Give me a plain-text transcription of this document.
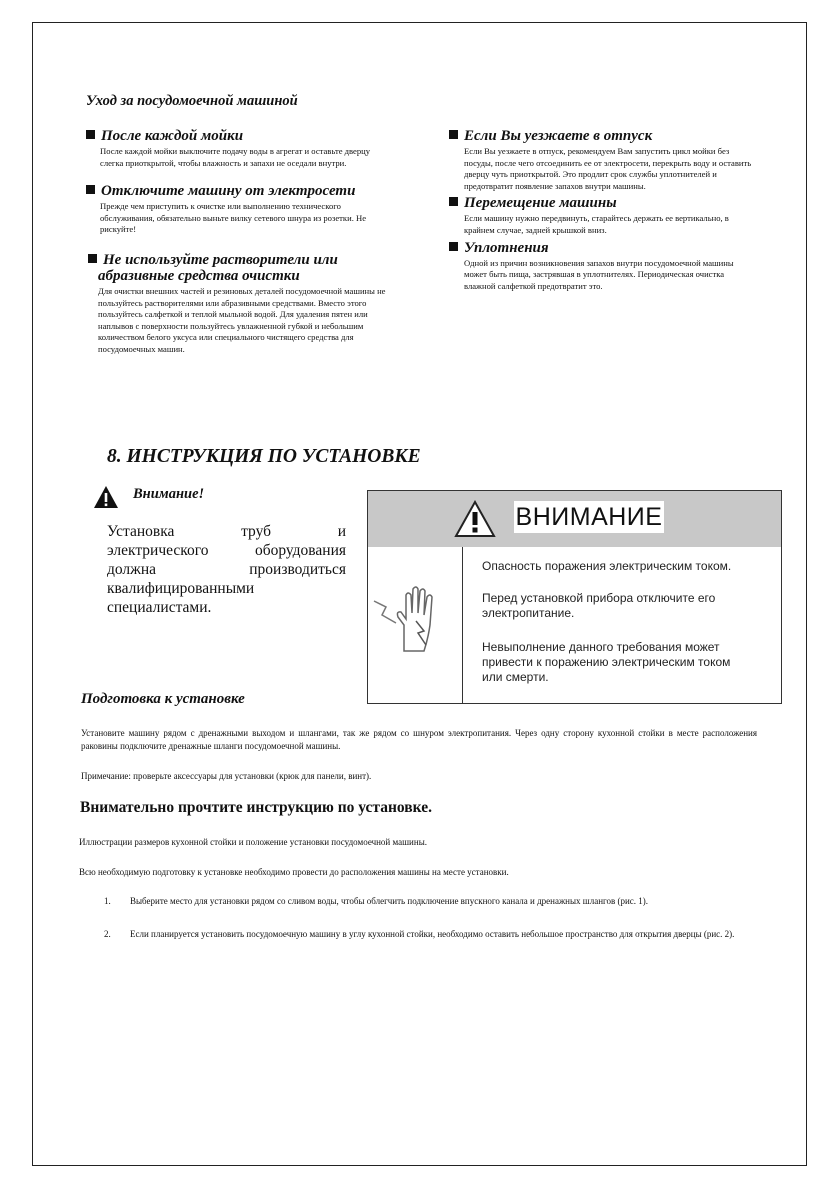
Уход за посудомоечной машиной
После каждой мойки
После каждой мойки выключите подачу воды в агрегат и оставьте дверцу слегка приоткрытой, чтобы влажность и запахи не оседали внутри.
Отключите машину от электросети
Прежде чем приступить к очистке или выполнению технического обслуживания, обязательно выньте вилку сетевого шнура из розетки. Не рискуйте!
Не используйте растворители или
абразивные средства очистки
Для очистки внешних частей и резиновых деталей посудомоечной машины не пользуйтесь растворителями или абразивными средствами. Вместо этого пользуйтесь салфеткой и теплой мыльной водой. Для удаления пятен или наплывов с поверхности пользуйтесь увлажненной губкой и небольшим количеством белого уксуса или специального чистящего средства для посудомоечных машин.
Если Вы уезжаете в отпуск
Если Вы уезжаете в отпуск, рекомендуем Вам запустить цикл мойки без посуды, после чего отсоединить ее от электросети, перекрыть воду и оставить дверцу чуть приоткрытой. Это продлит срок службы уплотнителей и предотвратит появление запахов внутри машины.
Перемещение машины
Если машину нужно передвинуть, старайтесь держать ее вертикально, в крайнем случае, задней крышкой вниз.
Уплотнения
Одной из причин возникновения запахов внутри посудомоечной машины может быть пища, застрявшая в уплотнителях. Периодическая очистка влажной салфеткой предотвратит это.
8. ИНСТРУКЦИЯ ПО УСТАНОВКЕ
Внимание!
Установка	труб	и
электрического	оборудования
должна	производиться
квалифицированными
специалистами.
ВНИМАНИЕ
Опасность поражения электрическим током.
Перед установкой прибора отключите его
электропитание.
Невыполнение данного требования может
привести к поражению электрическим током
или смерти.
Подготовка к установке
Установите машину рядом с дренажными выходом и шлангами, так же рядом со шнуром электропитания. Через одну сторону кухонной стойки в месте расположения раковины подключите дренажные шланги посудомоечной машины.
Примечание: проверьте аксессуары для установки (крюк для панели, винт).
Внимательно прочтите инструкцию по установке.
Иллюстрации размеров кухонной стойки и положение установки посудомоечной машины.
Всю необходимую подготовку к установке необходимо провести до расположения машины на месте установки.
1.	Выберите место для установки рядом со сливом воды, чтобы облегчить подключение впускного канала и дренажных шлангов (рис. 1).
2.	Если планируется установить посудомоечную машину в углу кухонной стойки, необходимо оставить небольшое пространство для открытия дверцы (рис. 2).
